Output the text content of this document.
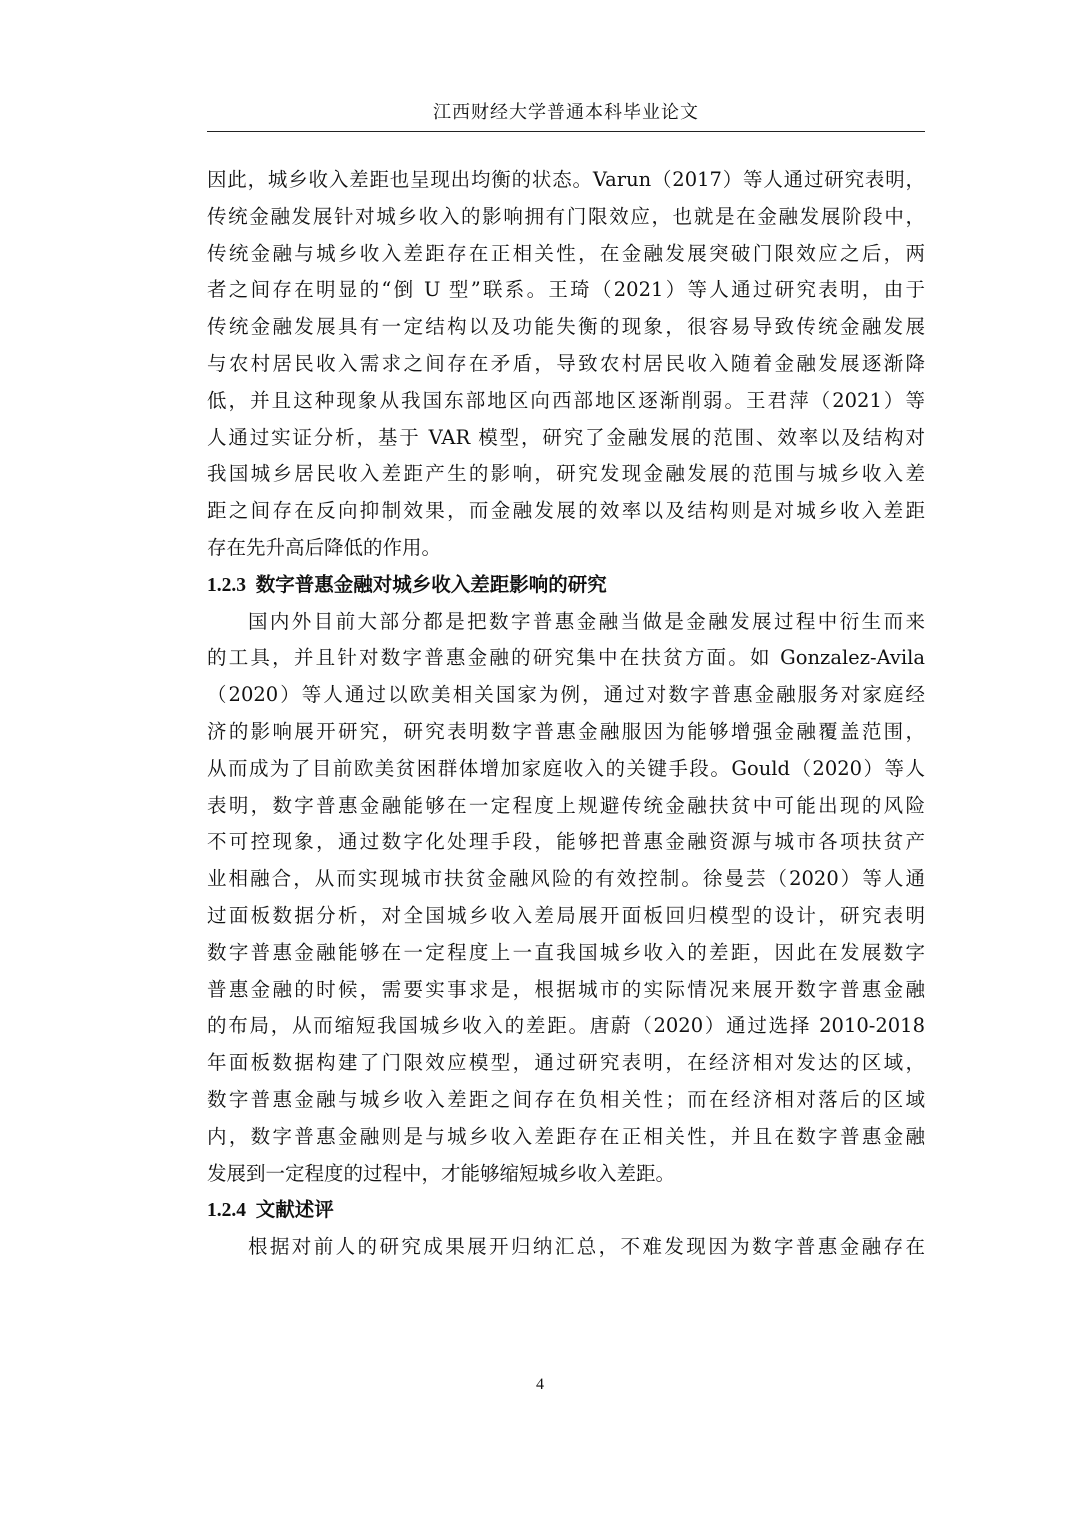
江西财经大学普通本科毕业论文
因此，城乡收入差距也呈现出均衡的状态。Varun（2017）等人通过研究表明，
传统金融发展针对城乡收入的影响拥有门限效应，也就是在金融发展阶段中，
传统金融与城乡收入差距存在正相关性，在金融发展突破门限效应之后，两
者之间存在明显的“倒 U 型”联系。王琦（2021）等人通过研究表明，由于
传统金融发展具有一定结构以及功能失衡的现象，很容易导致传统金融发展
与农村居民收入需求之间存在矛盾，导致农村居民收入随着金融发展逐渐降
低，并且这种现象从我国东部地区向西部地区逐渐削弱。王君萍（2021）等
人通过实证分析，基于 VAR 模型，研究了金融发展的范围、效率以及结构对
我国城乡居民收入差距产生的影响，研究发现金融发展的范围与城乡收入差
距之间存在反向抑制效果，而金融发展的效率以及结构则是对城乡收入差距
存在先升高后降低的作用。
1.2.3 数字普惠金融对城乡收入差距影响的研究
国内外目前大部分都是把数字普惠金融当做是金融发展过程中衍生而来
的工具，并且针对数字普惠金融的研究集中在扶贫方面。如 Gonzalez-Avila
（2020）等人通过以欧美相关国家为例，通过对数字普惠金融服务对家庭经
济的影响展开研究，研究表明数字普惠金融服因为能够增强金融覆盖范围，
从而成为了目前欧美贫困群体增加家庭收入的关键手段。Gould（2020）等人
表明，数字普惠金融能够在一定程度上规避传统金融扶贫中可能出现的风险
不可控现象，通过数字化处理手段，能够把普惠金融资源与城市各项扶贫产
业相融合，从而实现城市扶贫金融风险的有效控制。徐曼芸（2020）等人通
过面板数据分析，对全国城乡收入差局展开面板回归模型的设计，研究表明
数字普惠金融能够在一定程度上一直我国城乡收入的差距，因此在发展数字
普惠金融的时候，需要实事求是，根据城市的实际情况来展开数字普惠金融
的布局，从而缩短我国城乡收入的差距。唐蔚（2020）通过选择 2010-2018
年面板数据构建了门限效应模型，通过研究表明，在经济相对发达的区域，
数字普惠金融与城乡收入差距之间存在负相关性；而在经济相对落后的区域
内，数字普惠金融则是与城乡收入差距存在正相关性，并且在数字普惠金融
发展到一定程度的过程中，才能够缩短城乡收入差距。
1.2.4 文献述评
根据对前人的研究成果展开归纳汇总，不难发现因为数字普惠金融存在
4
